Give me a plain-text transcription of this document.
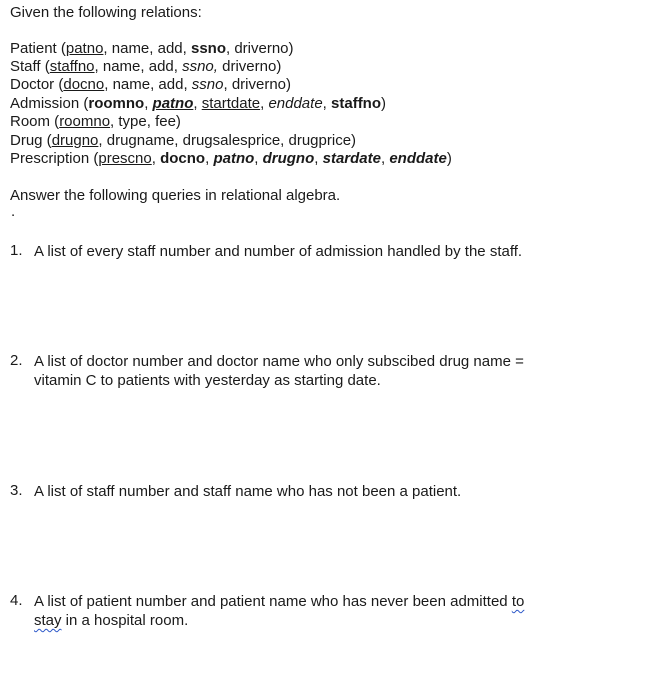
Given the following relations:
Patient (patno, name, add, ssno, driverno)
Staff (staffno, name, add, ssno, driverno)
Doctor (docno, name, add, ssno, driverno)
Admission (roomno, patno, startdate, enddate, staffno)
Room (roomno, type, fee)
Drug (drugno, drugname, drugsalesprice, drugprice)
Prescription (prescno, docno, patno, drugno, stardate, enddate)
Answer the following queries in relational algebra.
.
1. A list of every staff number and number of admission handled by the staff.
2. A list of doctor number and doctor name who only subscibed drug name =
vitamin C to patients with yesterday as starting date.
3. A list of staff number and staff name who has not been a patient.
4. A list of patient number and patient name who has never been admitted to
stay in a hospital room.
